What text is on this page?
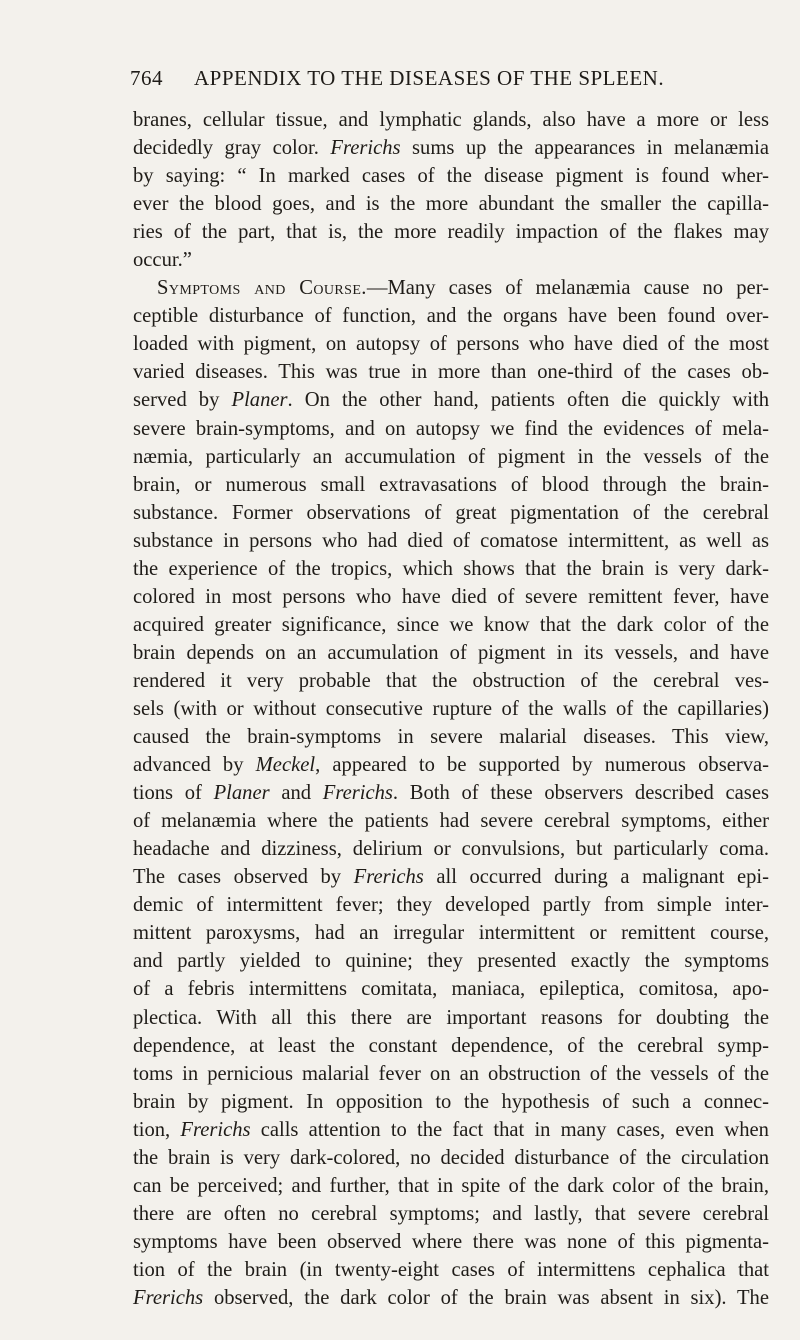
764 APPENDIX TO THE DISEASES OF THE SPLEEN.

branes, cellular tissue, and lymphatic glands, also have a more or less
decidedly gray color. Frerichs sums up the appearances in melanæmia
by saying: “ In marked cases of the disease pigment is found wher-
ever the blood goes, and is the more abundant the smaller the capilla-
ries of the part, that is, the more readily impaction of the flakes may
occur.”

Symptoms and Course.—Many cases of melanæmia cause no per-
ceptible disturbance of function, and the organs have been found over-
loaded with pigment, on autopsy of persons who have died of the most
varied diseases. This was true in more than one-third of the cases ob-
served by Planer. On the other hand, patients often die quickly with
severe brain-symptoms, and on autopsy we find the evidences of mela-
næmia, particularly an accumulation of pigment in the vessels of the
brain, or numerous small extravasations of blood through the brain-
substance. Former observations of great pigmentation of the cerebral
substance in persons who had died of comatose intermittent, as well as
the experience of the tropics, which shows that the brain is very dark-
colored in most persons who have died of severe remittent fever, have
acquired greater significance, since we know that the dark color of the
brain depends on an accumulation of pigment in its vessels, and have
rendered it very probable that the obstruction of the cerebral ves-
sels (with or without consecutive rupture of the walls of the capillaries)
caused the brain-symptoms in severe malarial diseases. This view,
advanced by Meckel, appeared to be supported by numerous observa-
tions of Planer and Frerichs. Both of these observers described cases
of melanæmia where the patients had severe cerebral symptoms, either
headache and dizziness, delirium or convulsions, but particularly coma.
The cases observed by Frerichs all occurred during a malignant epi-
demic of intermittent fever; they developed partly from simple inter-
mittent paroxysms, had an irregular intermittent or remittent course,
and partly yielded to quinine; they presented exactly the symptoms
of a febris intermittens comitata, maniaca, epileptica, comitosa, apo-
plectica. With all this there are important reasons for doubting the
dependence, at least the constant dependence, of the cerebral symp-
toms in pernicious malarial fever on an obstruction of the vessels of the
brain by pigment. In opposition to the hypothesis of such a connec-
tion, Frerichs calls attention to the fact that in many cases, even when
the brain is very dark-colored, no decided disturbance of the circulation
can be perceived; and further, that in spite of the dark color of the brain,
there are often no cerebral symptoms; and lastly, that severe cerebral
symptoms have been observed where there was none of this pigmenta-
tion of the brain (in twenty-eight cases of intermittens cephalica that
Frerichs observed, the dark color of the brain was absent in six). The
